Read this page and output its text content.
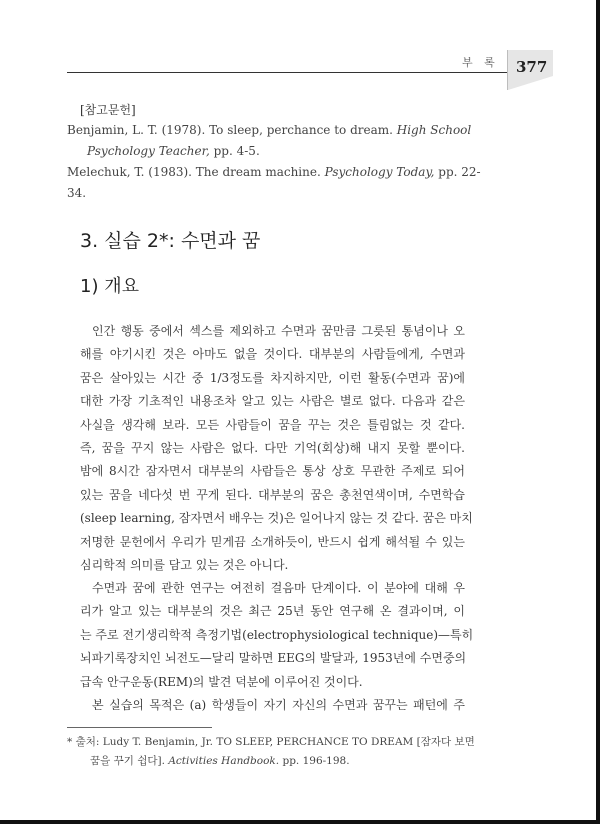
부 록 377
[참고문헌]
Benjamin, L. T. (1978). To sleep, perchance to dream. High School
Psychology Teacher, pp. 4-5.
Melechuk, T. (1983). The dream machine. Psychology Today, pp. 22-34.
3. 실습 2*: 수면과 꿈
1) 개요
인간 행동 중에서 섹스를 제외하고 수면과 꿈만큼 그릇된 통념이나 오
해를 야기시킨 것은 아마도 없을 것이다. 대부분의 사람들에게, 수면과
꿈은 살아있는 시간 중 1/3정도를 차지하지만, 이런 활동(수면과 꿈)에
대한 가장 기초적인 내용조차 알고 있는 사람은 별로 없다. 다음과 같은
사실을 생각해 보라. 모든 사람들이 꿈을 꾸는 것은 틀림없는 것 같다.
즉, 꿈을 꾸지 않는 사람은 없다. 다만 기억(회상)해 내지 못할 뿐이다.
밤에 8시간 잠자면서 대부분의 사람들은 통상 상호 무관한 주제로 되어
있는 꿈을 네다섯 번 꾸게 된다. 대부분의 꿈은 총천연색이며, 수면학습
(sleep learning, 잠자면서 배우는 것)은 일어나지 않는 것 같다. 꿈은 마치
저명한 문헌에서 우리가 믿게끔 소개하듯이, 반드시 쉽게 해석될 수 있는
심리학적 의미를 담고 있는 것은 아니다.
수면과 꿈에 관한 연구는 여전히 걸음마 단계이다. 이 분야에 대해 우
리가 알고 있는 대부분의 것은 최근 25년 동안 연구해 온 결과이며, 이
는 주로 전기생리학적 측정기법(electrophysiological technique)—특히
뇌파기록장치인 뇌전도—달리 말하면 EEG의 발달과, 1953년에 수면중의
급속 안구운동(REM)의 발견 덕분에 이루어진 것이다.
본 실습의 목적은 (a) 학생들이 자기 자신의 수면과 꿈꾸는 패턴에 주
* 출처: Ludy T. Benjamin, Jr. TO SLEEP, PERCHANCE TO DREAM [잠자다 보면
꿈을 꾸기 쉽다]. Activities Handbook. pp. 196-198.
